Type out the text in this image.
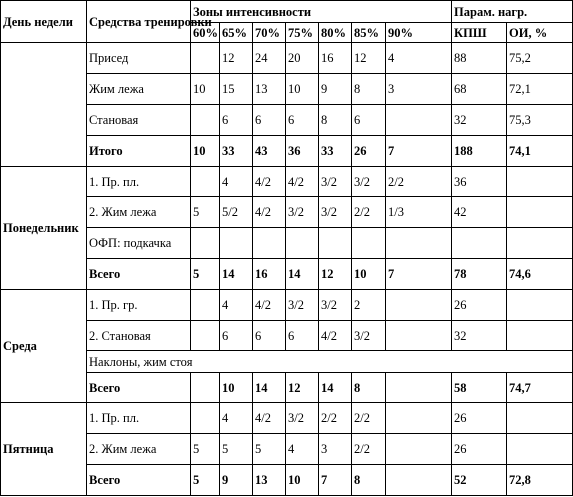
День недели	Средства тренировки	Зоны интенсивности							Парам. нагр.	
		60%	65%	70%	75%	80%	85%	90%	КПШ	ОИ, %
	Присед		12	24	20	16	12	4	88	75,2
	Жим лежа	10	15	13	10	9	8	3	68	72,1
	Становая		6	6	6	8	6		32	75,3
	Итого	10	33	43	36	33	26	7	188	74,1
Понедельник	1. Пр. пл.		4	4/2	4/2	3/2	3/2	2/2	36	
	2. Жим лежа	5	5/2	4/2	3/2	3/2	2/2	1/3	42	
	ОФП: подкачка									
	Всего	5	14	16	14	12	10	7	78	74,6
Среда	1. Пр. гр.		4	4/2	3/2	3/2	2		26	
	2. Становая		6	6	6	4/2	3/2		32	
	Наклоны, жим стоя									
	Всего		10	14	12	14	8		58	74,7
Пятница	1. Пр. пл.		4	4/2	3/2	2/2	2/2		26	
	2. Жим лежа	5	5	5	4	3	2/2		26	
	Всего	5	9	13	10	7	8		52	72,8
